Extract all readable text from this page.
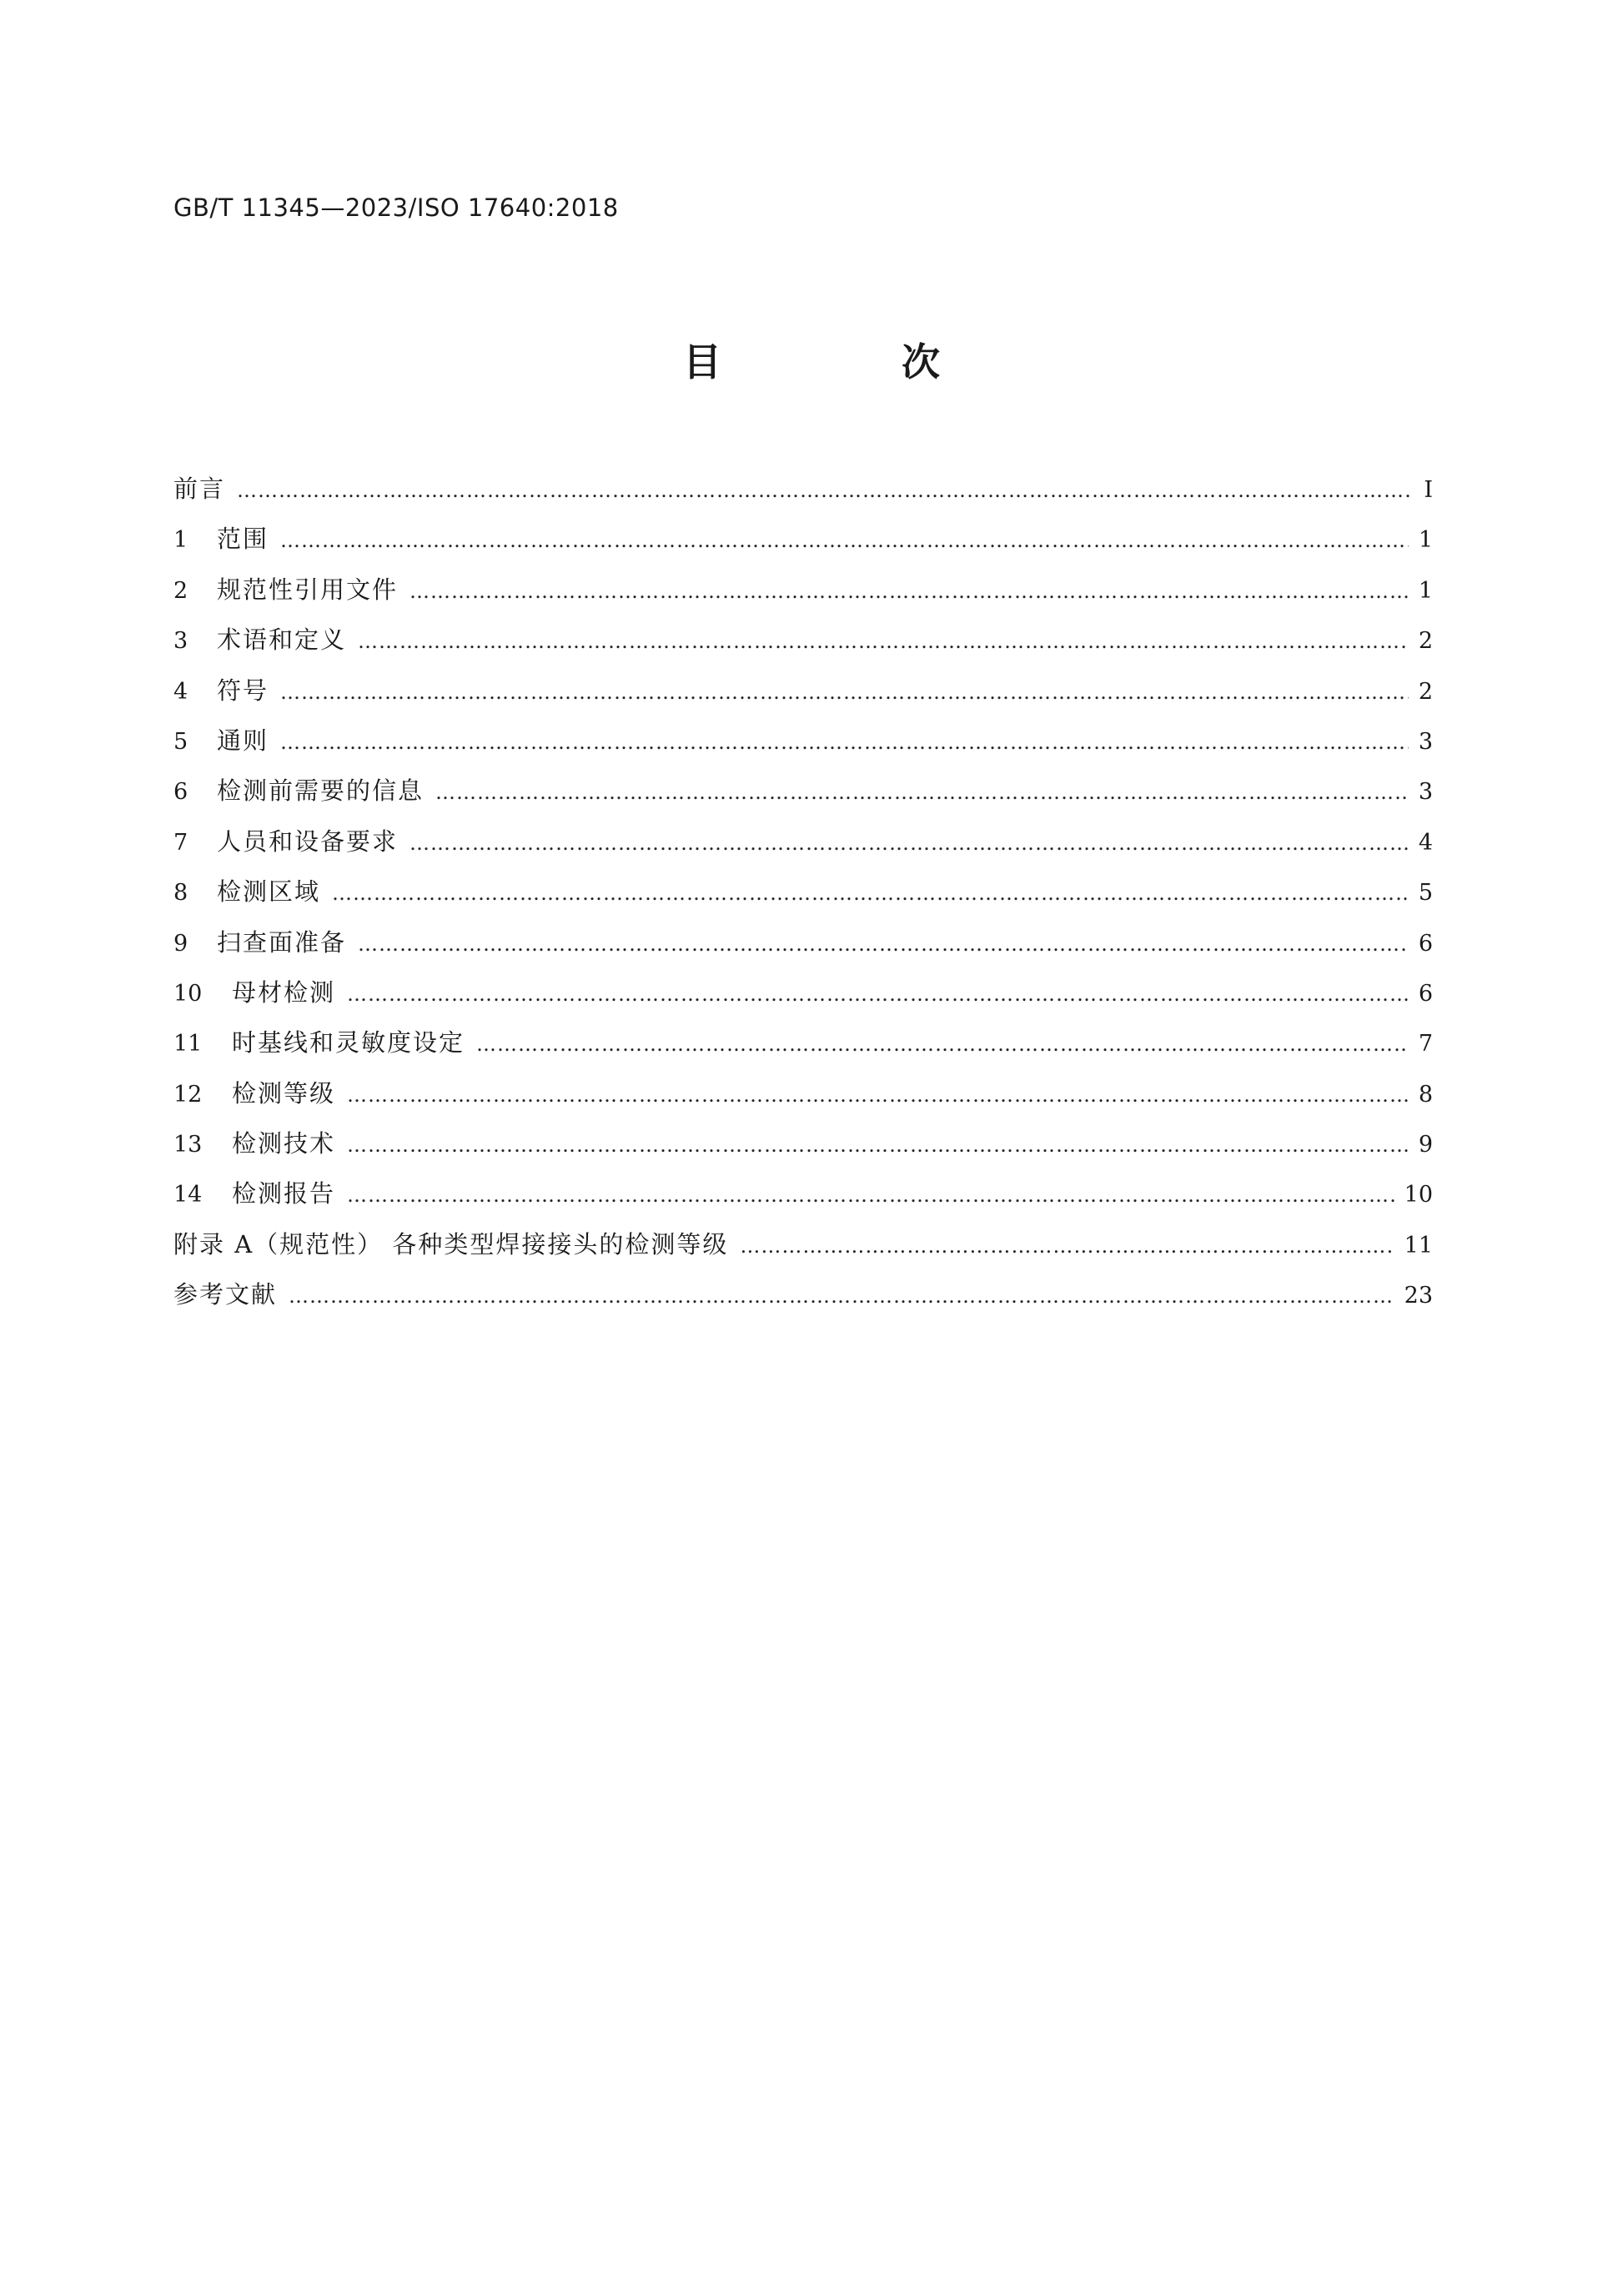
GB/T 11345—2023/ISO 17640:2018
目 次
前言 ………………………………………………………………………………………………………………………………………………………………………………………………………………………………	Ⅰ
1	范围 ………………………………………………………………………………………………………………………………………………………………………………………………………………………………	1
2	规范性引用文件 ………………………………………………………………………………………………………………………………………………………………………………………………………………………………	1
3	术语和定义 ………………………………………………………………………………………………………………………………………………………………………………………………………………………………	2
4	符号 ………………………………………………………………………………………………………………………………………………………………………………………………………………………………	2
5	通则 ………………………………………………………………………………………………………………………………………………………………………………………………………………………………	3
6	检测前需要的信息 ………………………………………………………………………………………………………………………………………………………………………………………………………………………………	3
7	人员和设备要求 ………………………………………………………………………………………………………………………………………………………………………………………………………………………………	4
8	检测区域 ………………………………………………………………………………………………………………………………………………………………………………………………………………………………	5
9	扫查面准备 ………………………………………………………………………………………………………………………………………………………………………………………………………………………………	6
10	母材检测 ………………………………………………………………………………………………………………………………………………………………………………………………………………………………	6
11	时基线和灵敏度设定 ………………………………………………………………………………………………………………………………………………………………………………………………………………………………	7
12	检测等级 ………………………………………………………………………………………………………………………………………………………………………………………………………………………………	8
13	检测技术 ………………………………………………………………………………………………………………………………………………………………………………………………………………………………	9
14	检测报告 ………………………………………………………………………………………………………………………………………………………………………………………………………………………………	10
附录 A（规范性） 各种类型焊接接头的检测等级 ………………………………………………………………………………………………………………………………………………………………………………………………………………………………	11
参考文献 ………………………………………………………………………………………………………………………………………………………………………………………………………………………………	23
